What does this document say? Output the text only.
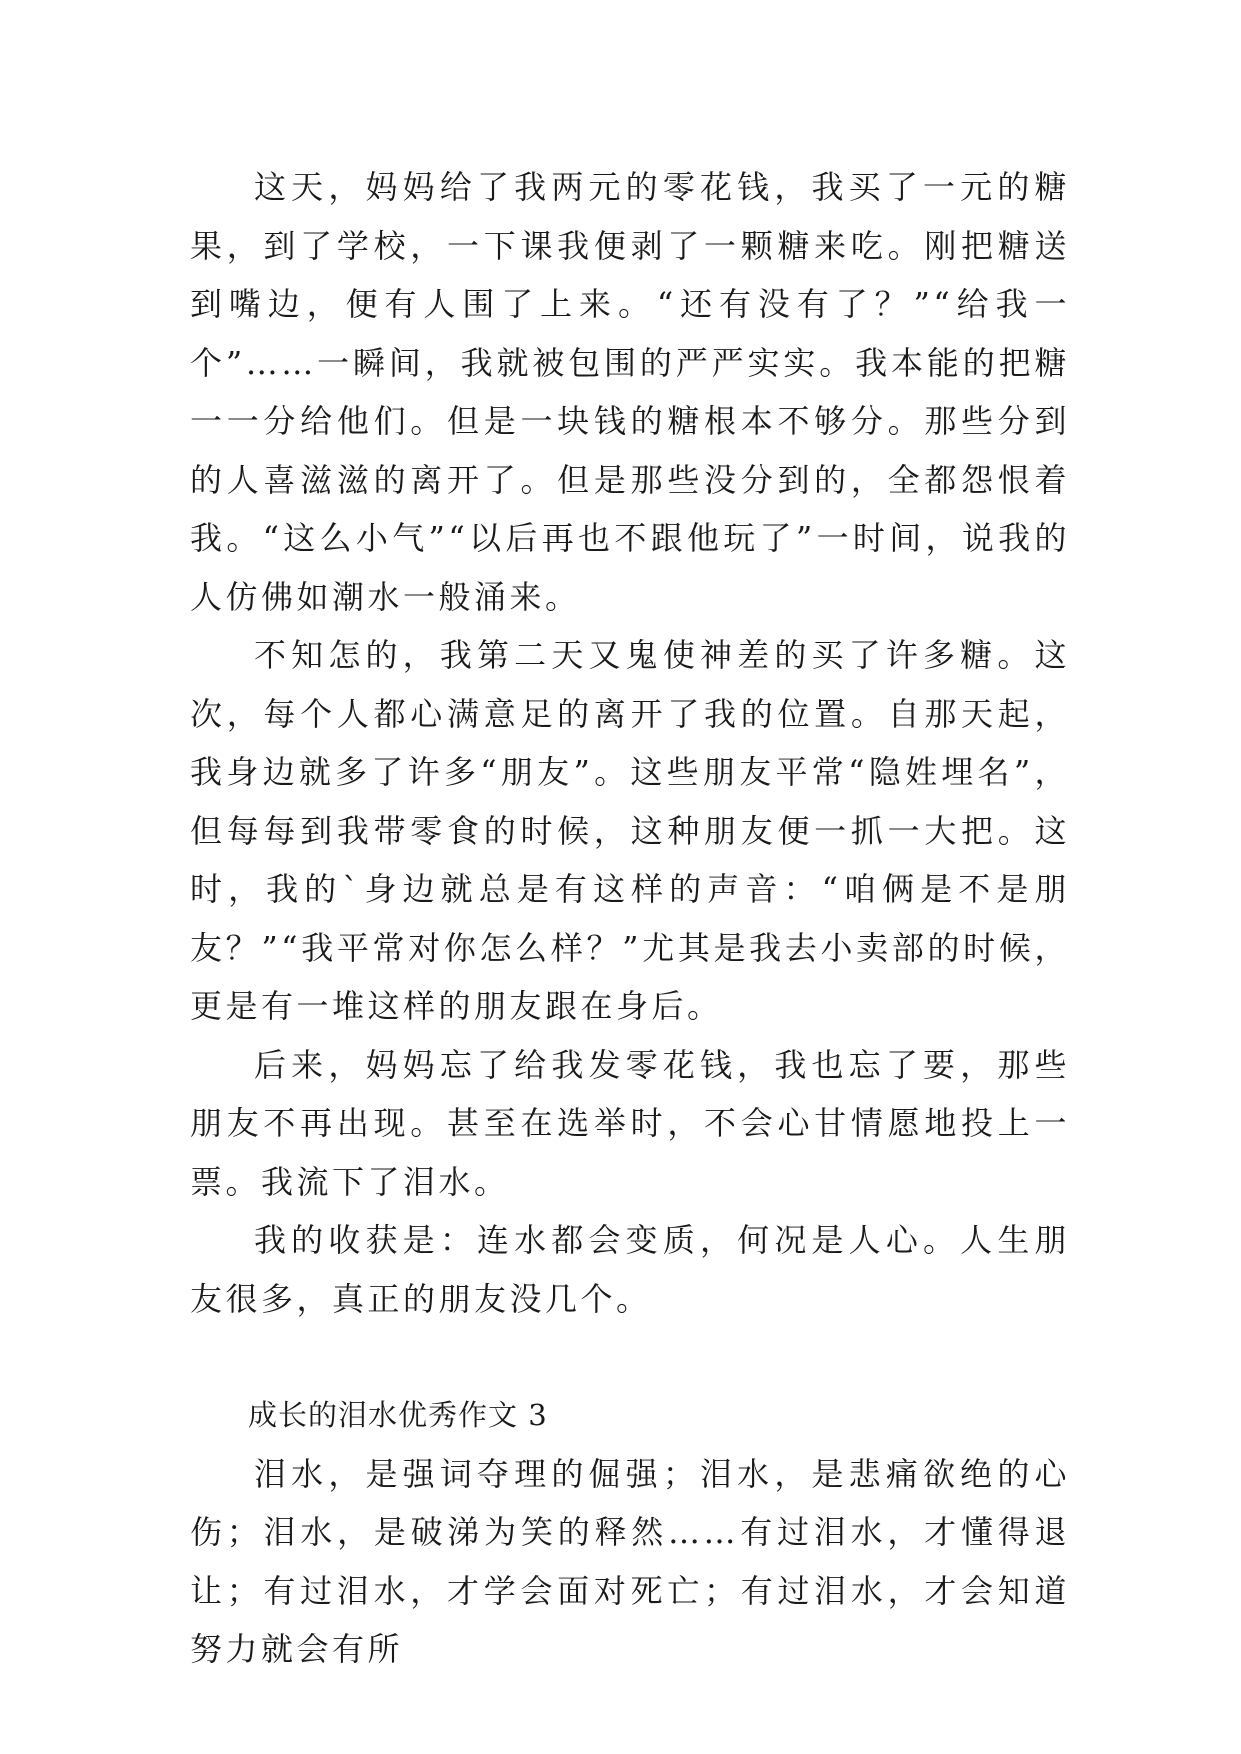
这天，妈妈给了我两元的零花钱，我买了一元的糖果，到了学校，一下课我便剥了一颗糖来吃。刚把糖送到嘴边，便有人围了上来。“还有没有了？”“给我一个”……一瞬间，我就被包围的严严实实。我本能的把糖一一分给他们。但是一块钱的糖根本不够分。那些分到的人喜滋滋的离开了。但是那些没分到的，全都怨恨着我。“这么小气”“以后再也不跟他玩了”一时间，说我的人仿佛如潮水一般涌来。

不知怎的，我第二天又鬼使神差的买了许多糖。这次，每个人都心满意足的离开了我的位置。自那天起，我身边就多了许多“朋友”。这些朋友平常“隐姓埋名”，但每每到我带零食的时候，这种朋友便一抓一大把。这时，我的`身边就总是有这样的声音：“咱俩是不是朋友？”“我平常对你怎么样？”尤其是我去小卖部的时候，更是有一堆这样的朋友跟在身后。

后来，妈妈忘了给我发零花钱，我也忘了要，那些朋友不再出现。甚至在选举时，不会心甘情愿地投上一票。我流下了泪水。

我的收获是：连水都会变质，何况是人心。人生朋友很多，真正的朋友没几个。

成长的泪水优秀作文 3

泪水，是强词夺理的倔强；泪水，是悲痛欲绝的心伤；泪水，是破涕为笑的释然……有过泪水，才懂得退让；有过泪水，才学会面对死亡；有过泪水，才会知道努力就会有所
